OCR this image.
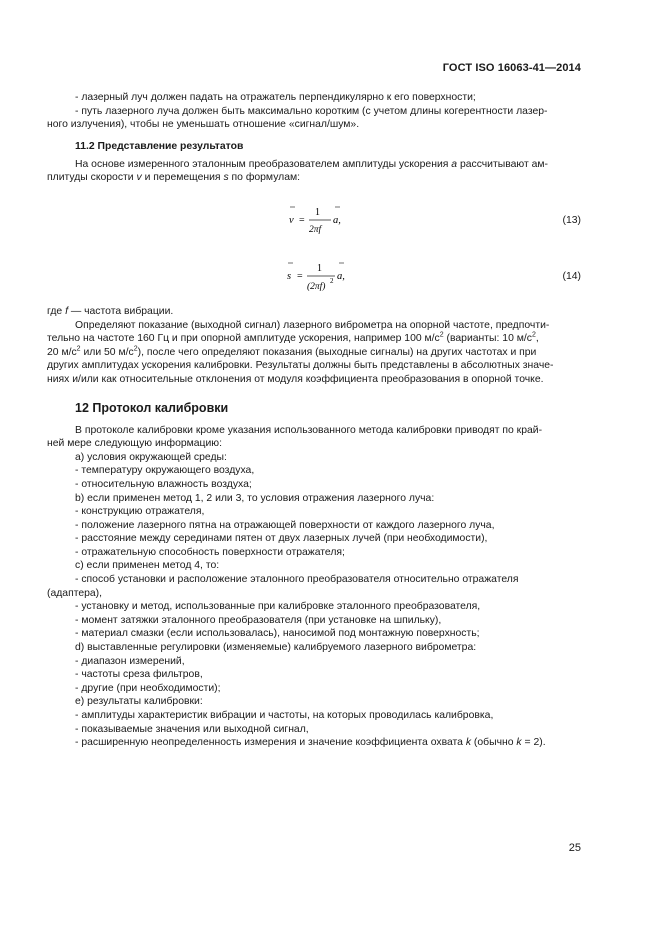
ГОСТ ISO 16063-41—2014

- лазерный луч должен падать на отражатель перпендикулярно к его поверхности;

- путь лазерного луча должен быть максимально коротким (с учетом длины когерентности лазер-

ного излучения), чтобы не уменьшать отношение «сигнал/шум».

11.2 Представление результатов

На основе измеренного эталонным преобразователем амплитуды ускорения a рассчитывают ам-

плитуды скорости v и перемещения s по формулам:

v =
1
2πf
a,	(13)
s =
1
(2πf)
2 a,	(14)

где f — частота вибрации.

Определяют показание (выходной сигнал) лазерного виброметра на опорной частоте, предпочти-

тельно на частоте 160 Гц и при опорной амплитуде ускорения, например 100 $м/с^2$ (варианты: 10 $м/с^2$,

20 $м/с^2$ или 50 $м/с^2$), после чего определяют показания (выходные сигналы) на других частотах и при

других амплитудах ускорения калибровки. Результаты должны быть представлены в абсолютных значе-

ниях и/или как относительные отклонения от модуля коэффициента преобразования в опорной точке.

12 Протокол калибровки

В протоколе калибровки кроме указания использованного метода калибровки приводят по край-

ней мере следующую информацию:

a) условия окружающей среды:

- температуру окружающего воздуха,

- относительную влажность воздуха;

b) если применен метод 1, 2 или 3, то условия отражения лазерного луча:

- конструкцию отражателя,

- положение лазерного пятна на отражающей поверхности от каждого лазерного луча,

- расстояние между серединами пятен от двух лазерных лучей (при необходимости),

- отражательную способность поверхности отражателя;

c) если применен метод 4, то:

- способ установки и расположение эталонного преобразователя относительно отражателя

(адаптера),

- установку и метод, использованные при калибровке эталонного преобразователя,

- момент затяжки эталонного преобразователя (при установке на шпильку),

- материал смазки (если использовалась), наносимой под монтажную поверхность;

d) выставленные регулировки (изменяемые) калибруемого лазерного виброметра:

- диапазон измерений,

- частоты среза фильтров,

- другие (при необходимости);

e) результаты калибровки:

- амплитуды характеристик вибрации и частоты, на которых проводилась калибровка,

- показываемые значения или выходной сигнал,

- расширенную неопределенность измерения и значение коэффициента охвата k (обычно k = 2).

25
